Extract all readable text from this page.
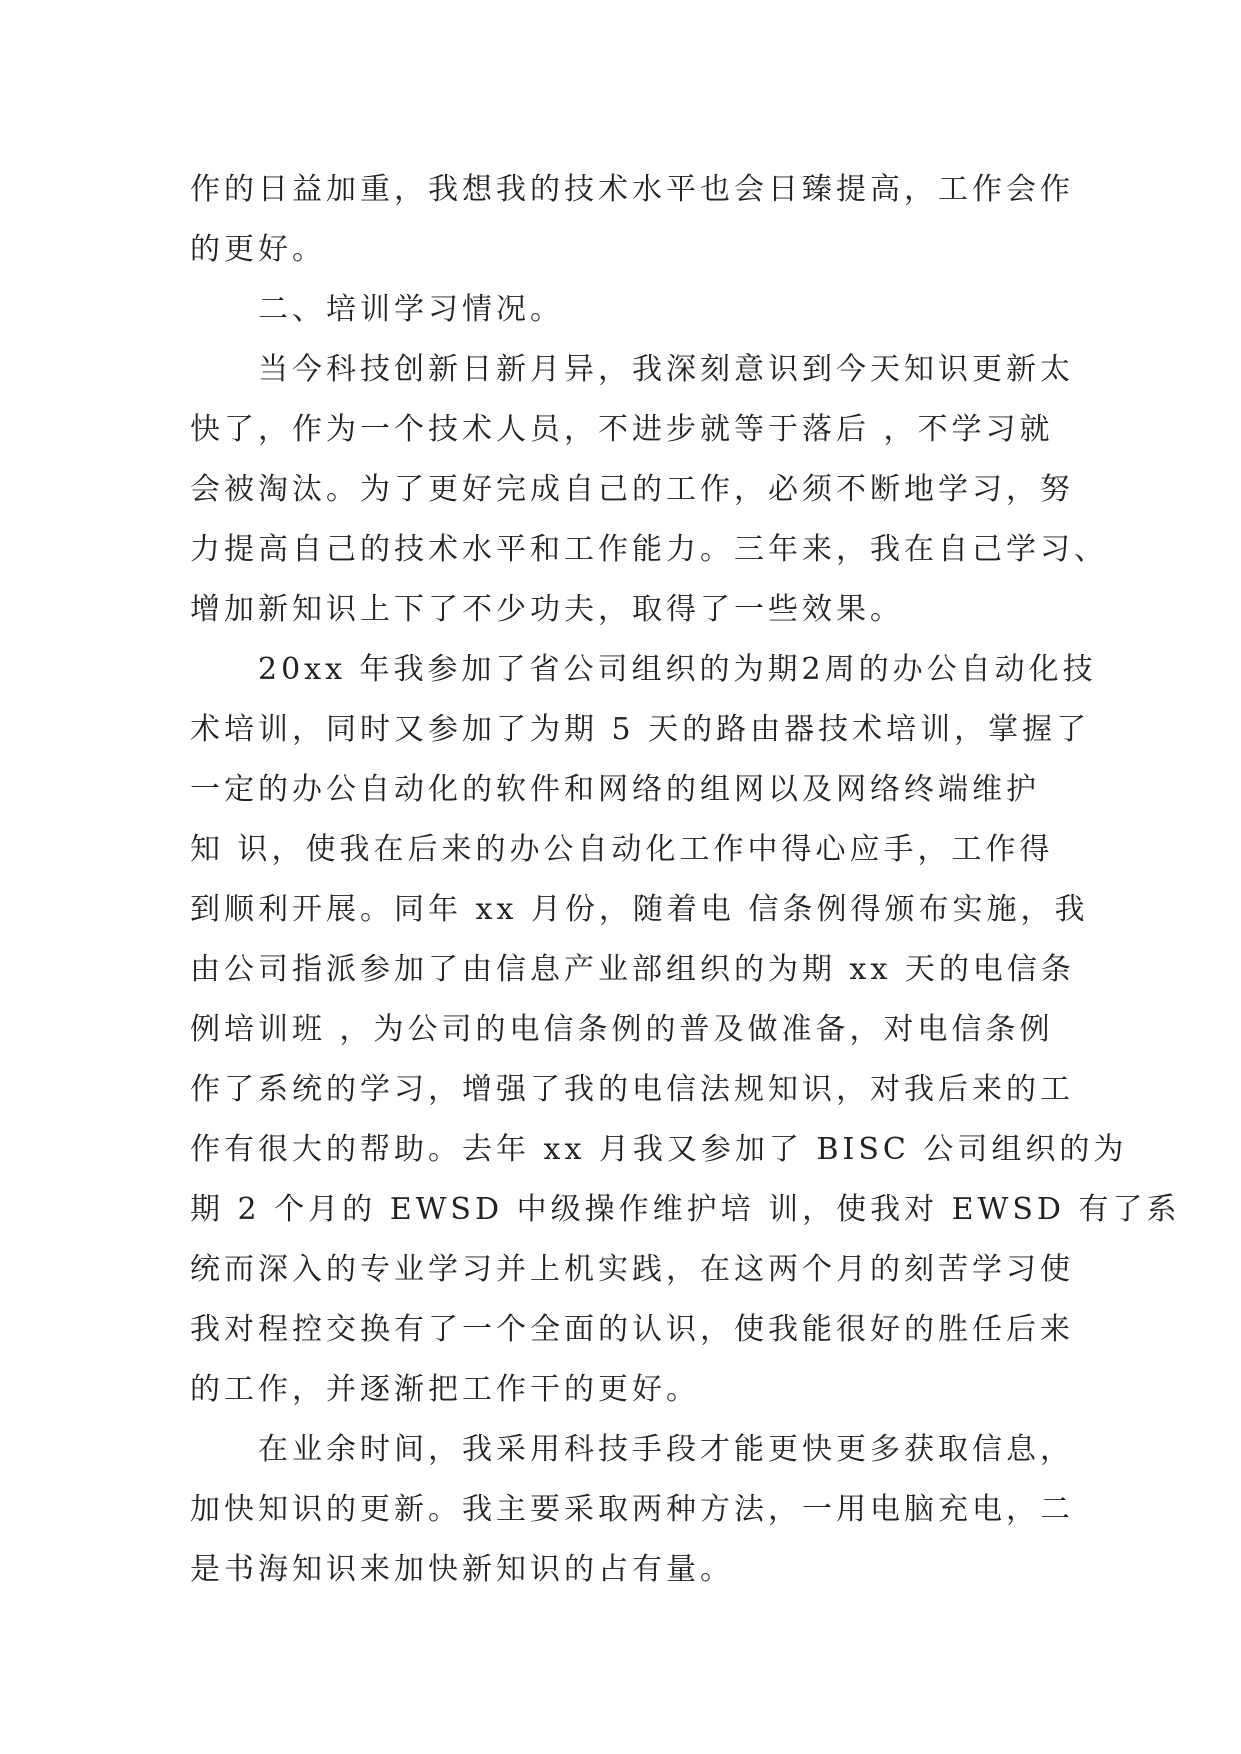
作的日益加重，我想我的技术水平也会日臻提高，工作会作
的更好。
二、培训学习情况。
当今科技创新日新月异，我深刻意识到今天知识更新太
快了，作为一个技术人员，不进步就等于落后 ，不学习就
会被淘汰。为了更好完成自己的工作，必须不断地学习，努
力提高自己的技术水平和工作能力。三年来，我在自己学习、
增加新知识上下了不少功夫，取得了一些效果。
20xx 年我参加了省公司组织的为期2周的办公自动化技
术培训，同时又参加了为期 5 天的路由器技术培训，掌握了
一定的办公自动化的软件和网络的组网以及网络终端维护
知 识，使我在后来的办公自动化工作中得心应手，工作得
到顺利开展。同年 xx 月份，随着电 信条例得颁布实施，我
由公司指派参加了由信息产业部组织的为期 xx 天的电信条
例培训班 ，为公司的电信条例的普及做准备，对电信条例
作了系统的学习，增强了我的电信法规知识，对我后来的工
作有很大的帮助。去年 xx 月我又参加了 BISC 公司组织的为
期 2 个月的 EWSD 中级操作维护培 训，使我对 EWSD 有了系
统而深入的专业学习并上机实践，在这两个月的刻苦学习使
我对程控交换有了一个全面的认识，使我能很好的胜任后来
的工作，并逐渐把工作干的更好。
在业余时间，我采用科技手段才能更快更多获取信息，
加快知识的更新。我主要采取两种方法，一用电脑充电，二
是书海知识来加快新知识的占有量。
